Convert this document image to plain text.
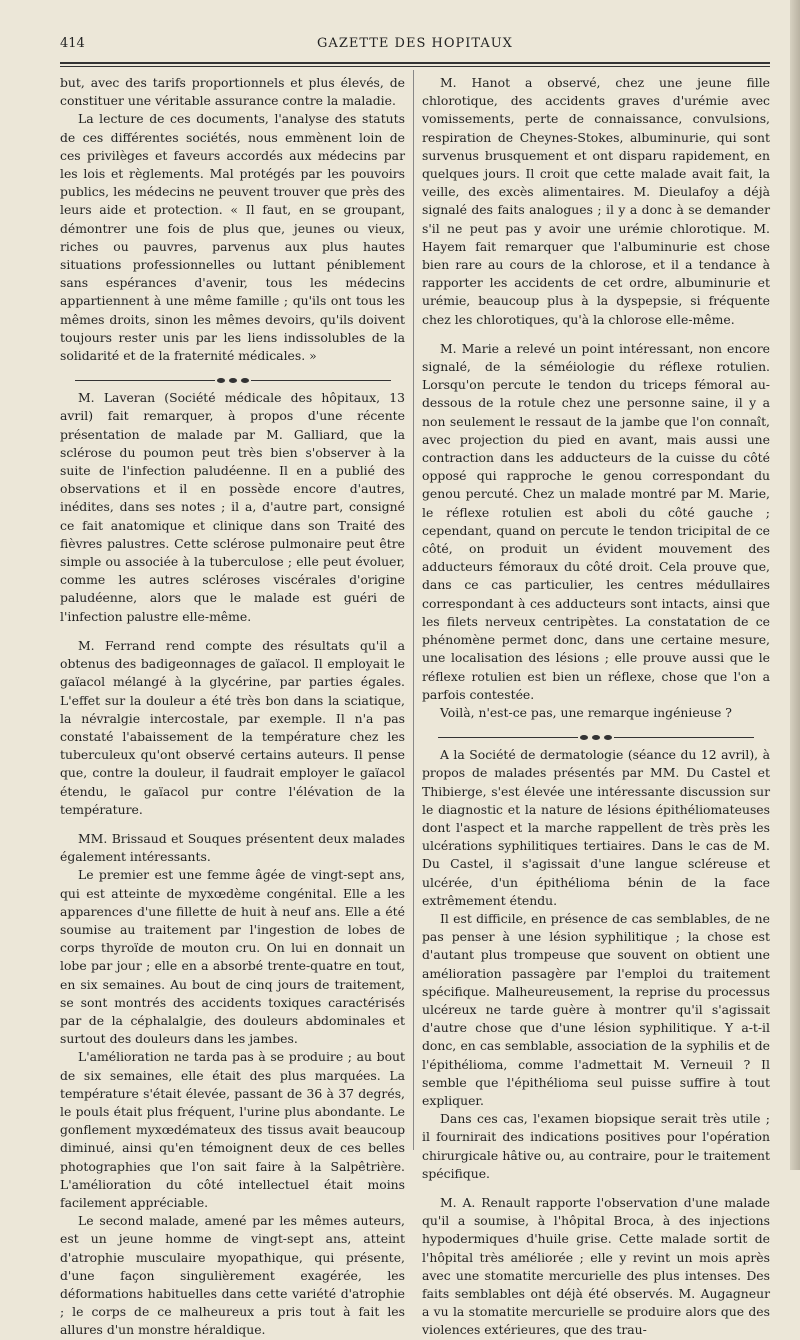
414	GAZETTE DES HOPITAUX

but, avec des tarifs proportionnels et plus élevés, de constituer une véritable assurance contre la maladie.

La lecture de ces documents, l'analyse des statuts de ces différentes sociétés, nous emmènent loin de ces privilèges et faveurs accordés aux médecins par les lois et règlements. Mal protégés par les pouvoirs publics, les médecins ne peuvent trouver que près des leurs aide et protection. « Il faut, en se groupant, démontrer une fois de plus que, jeunes ou vieux, riches ou pauvres, parvenus aux plus hautes situations professionnelles ou luttant péniblement sans espérances d'avenir, tous les médecins appartiennent à une même famille ; qu'ils ont tous les mêmes droits, sinon les mêmes devoirs, qu'ils doivent toujours rester unis par les liens indissolubles de la solidarité et de la fraternité médicales. »

M. Laveran (Société médicale des hôpitaux, 13 avril) fait remarquer, à propos d'une récente présentation de malade par M. Galliard, que la sclérose du poumon peut très bien s'observer à la suite de l'infection paludéenne. Il en a publié des observations et il en possède encore d'autres, inédites, dans ses notes ; il a, d'autre part, consigné ce fait anatomique et clinique dans son Traité des fièvres palustres. Cette sclérose pulmonaire peut être simple ou associée à la tuberculose ; elle peut évoluer, comme les autres scléroses viscérales d'origine paludéenne, alors que le malade est guéri de l'infection palustre elle-même.

M. Ferrand rend compte des résultats qu'il a obtenus des badigeonnages de gaïacol. Il employait le gaïacol mélangé à la glycérine, par parties égales. L'effet sur la douleur a été très bon dans la sciatique, la névralgie intercostale, par exemple. Il n'a pas constaté l'abaissement de la température chez les tuberculeux qu'ont observé certains auteurs. Il pense que, contre la douleur, il faudrait employer le gaïacol étendu, le gaïacol pur contre l'élévation de la température.

MM. Brissaud et Souques présentent deux malades également intéressants.

Le premier est une femme âgée de vingt-sept ans, qui est atteinte de myxœdème congénital. Elle a les apparences d'une fillette de huit à neuf ans. Elle a été soumise au traitement par l'ingestion de lobes de corps thyroïde de mouton cru. On lui en donnait un lobe par jour ; elle en a absorbé trente-quatre en tout, en six semaines. Au bout de cinq jours de traitement, se sont montrés des accidents toxiques caractérisés par de la céphalalgie, des douleurs abdominales et surtout des douleurs dans les jambes.

L'amélioration ne tarda pas à se produire ; au bout de six semaines, elle était des plus marquées. La température s'était élevée, passant de 36 à 37 degrés, le pouls était plus fréquent, l'urine plus abondante. Le gonflement myxœdémateux des tissus avait beaucoup diminué, ainsi qu'en témoignent deux de ces belles photographies que l'on sait faire à la Salpêtrière. L'amélioration du côté intellectuel était moins facilement appréciable.

Le second malade, amené par les mêmes auteurs, est un jeune homme de vingt-sept ans, atteint d'atrophie musculaire myopathique, qui présente, d'une façon singulièrement exagérée, les déformations habituelles dans cette variété d'atrophie ; le corps de ce malheureux a pris tout à fait les allures d'un monstre héraldique.

M. Hanot a observé, chez une jeune fille chlorotique, des accidents graves d'urémie avec vomissements, perte de connaissance, convulsions, respiration de Cheynes-Stokes, albuminurie, qui sont survenus brusquement et ont disparu rapidement, en quelques jours. Il croit que cette malade avait fait, la veille, des excès alimentaires. M. Dieulafoy a déjà signalé des faits analogues ; il y a donc à se demander s'il ne peut pas y avoir une urémie chlorotique. M. Hayem fait remarquer que l'albuminurie est chose bien rare au cours de la chlorose, et il a tendance à rapporter les accidents de cet ordre, albuminurie et urémie, beaucoup plus à la dyspepsie, si fréquente chez les chlorotiques, qu'à la chlorose elle-même.

M. Marie a relevé un point intéressant, non encore signalé, de la séméiologie du réflexe rotulien. Lorsqu'on percute le tendon du triceps fémoral au-dessous de la rotule chez une personne saine, il y a non seulement le ressaut de la jambe que l'on connaît, avec projection du pied en avant, mais aussi une contraction dans les adducteurs de la cuisse du côté opposé qui rapproche le genou correspondant du genou percuté. Chez un malade montré par M. Marie, le réflexe rotulien est aboli du côté gauche ; cependant, quand on percute le tendon tricipital de ce côté, on produit un évident mouvement des adducteurs fémoraux du côté droit. Cela prouve que, dans ce cas particulier, les centres médullaires correspondant à ces adducteurs sont intacts, ainsi que les filets nerveux centripètes. La constatation de ce phénomène permet donc, dans une certaine mesure, une localisation des lésions ; elle prouve aussi que le réflexe rotulien est bien un réflexe, chose que l'on a parfois contestée.

Voilà, n'est-ce pas, une remarque ingénieuse ?

A la Société de dermatologie (séance du 12 avril), à propos de malades présentés par MM. Du Castel et Thibierge, s'est élevée une intéressante discussion sur le diagnostic et la nature de lésions épithéliomateuses dont l'aspect et la marche rappellent de très près les ulcérations syphilitiques tertiaires. Dans le cas de M. Du Castel, il s'agissait d'une langue scléreuse et ulcérée, d'un épithélioma bénin de la face extrêmement étendu.

Il est difficile, en présence de cas semblables, de ne pas penser à une lésion syphilitique ; la chose est d'autant plus trompeuse que souvent on obtient une amélioration passagère par l'emploi du traitement spécifique. Malheureusement, la reprise du processus ulcéreux ne tarde guère à montrer qu'il s'agissait d'autre chose que d'une lésion syphilitique. Y a-t-il donc, en cas semblable, association de la syphilis et de l'épithélioma, comme l'admettait M. Verneuil ? Il semble que l'épithélioma seul puisse suffire à tout expliquer.

Dans ces cas, l'examen biopsique serait très utile ; il fournirait des indications positives pour l'opération chirurgicale hâtive ou, au contraire, pour le traitement spécifique.

M. A. Renault rapporte l'observation d'une malade qu'il a soumise, à l'hôpital Broca, à des injections hypodermiques d'huile grise. Cette malade sortit de l'hôpital très améliorée ; elle y revint un mois après avec une stomatite mercurielle des plus intenses. Des faits semblables ont déjà été observés. M. Augagneur a vu la stomatite mercurielle se produire alors que des violences extérieures, que des trau-
